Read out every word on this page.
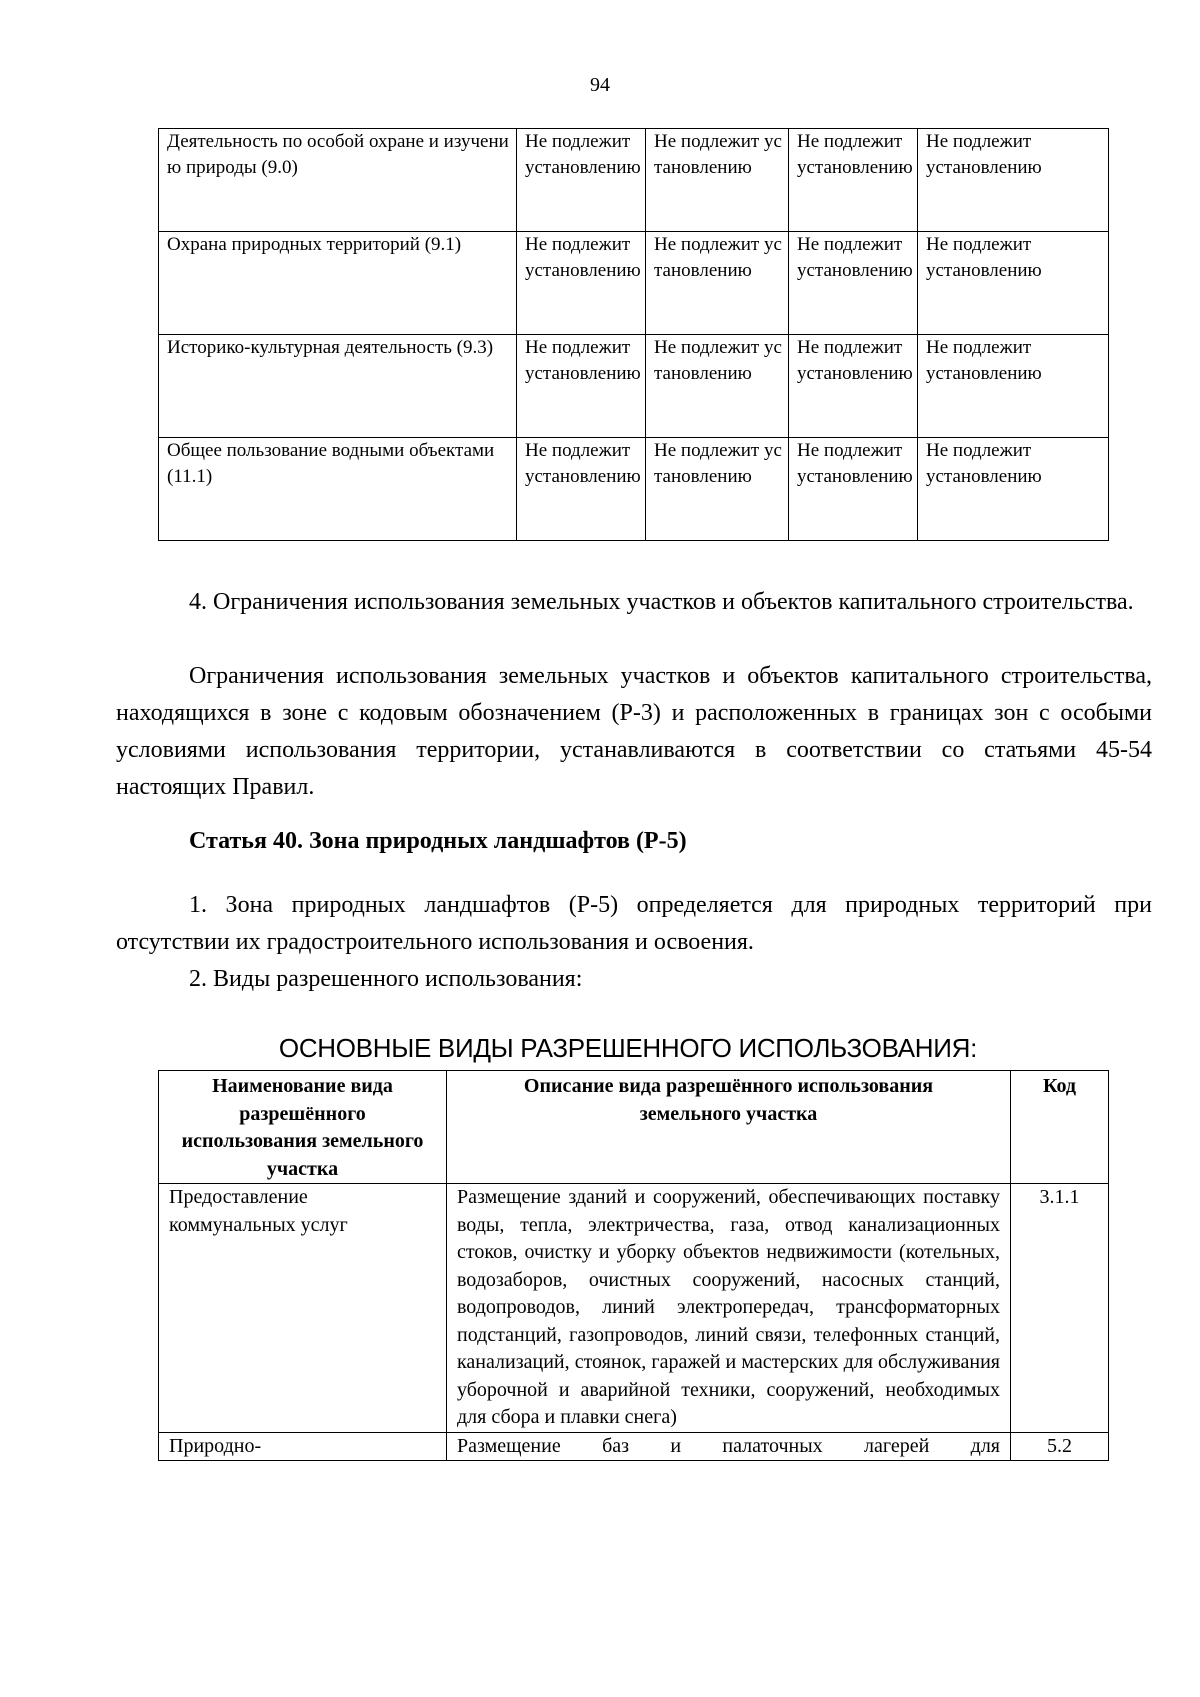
94
Деятельность по особой охране и изучению природы (9.0)	Не подлежит установлению	Не подлежит установлению	Не подлежит установлению	Не подлежит установлению
Охрана природных территорий (9.1)	Не подлежит установлению	Не подлежит установлению	Не подлежит установлению	Не подлежит установлению
Историко-культурная деятельность (9.3)	Не подлежит установлению	Не подлежит установлению	Не подлежит установлению	Не подлежит установлению
Общее пользование водными объектами (11.1)	Не подлежит установлению	Не подлежит установлению	Не подлежит установлению	Не подлежит установлению

4. Ограничения использования земельных участков и объектов капитального строительства.

Ограничения использования земельных участков и объектов капитального строительства, находящихся в зоне с кодовым обозначением (Р-3) и расположенных в границах зон с особыми условиями использования территории, устанавливаются в соответствии со статьями 45-54 настоящих Правил.

Статья 40. Зона природных ландшафтов (Р-5)

1. Зона природных ландшафтов (Р-5) определяется для природных территорий при отсутствии их градостроительного использования и освоения.

2. Виды разрешенного использования:

ОСНОВНЫЕ ВИДЫ РАЗРЕШЕННОГО ИСПОЛЬЗОВАНИЯ:
Наименование вида разрешённого использования земельного участка	Описание вида разрешённого использования земельного участка	Код
Предоставление коммунальных услуг	Размещение зданий и сооружений, обеспечивающих поставку воды, тепла, электричества, газа, отвод канализационных стоков, очистку и уборку объектов недвижимости (котельных, водозаборов, очистных сооружений, насосных станций, водопроводов, линий электропередач, трансформаторных подстанций, газопроводов, линий связи, телефонных станций, канализаций, стоянок, гаражей и мастерских для обслуживания уборочной и аварийной техники, сооружений, необходимых для сбора и плавки снега)	3.1.1
Природно-	Размещение баз и палаточных лагерей для	5.2
